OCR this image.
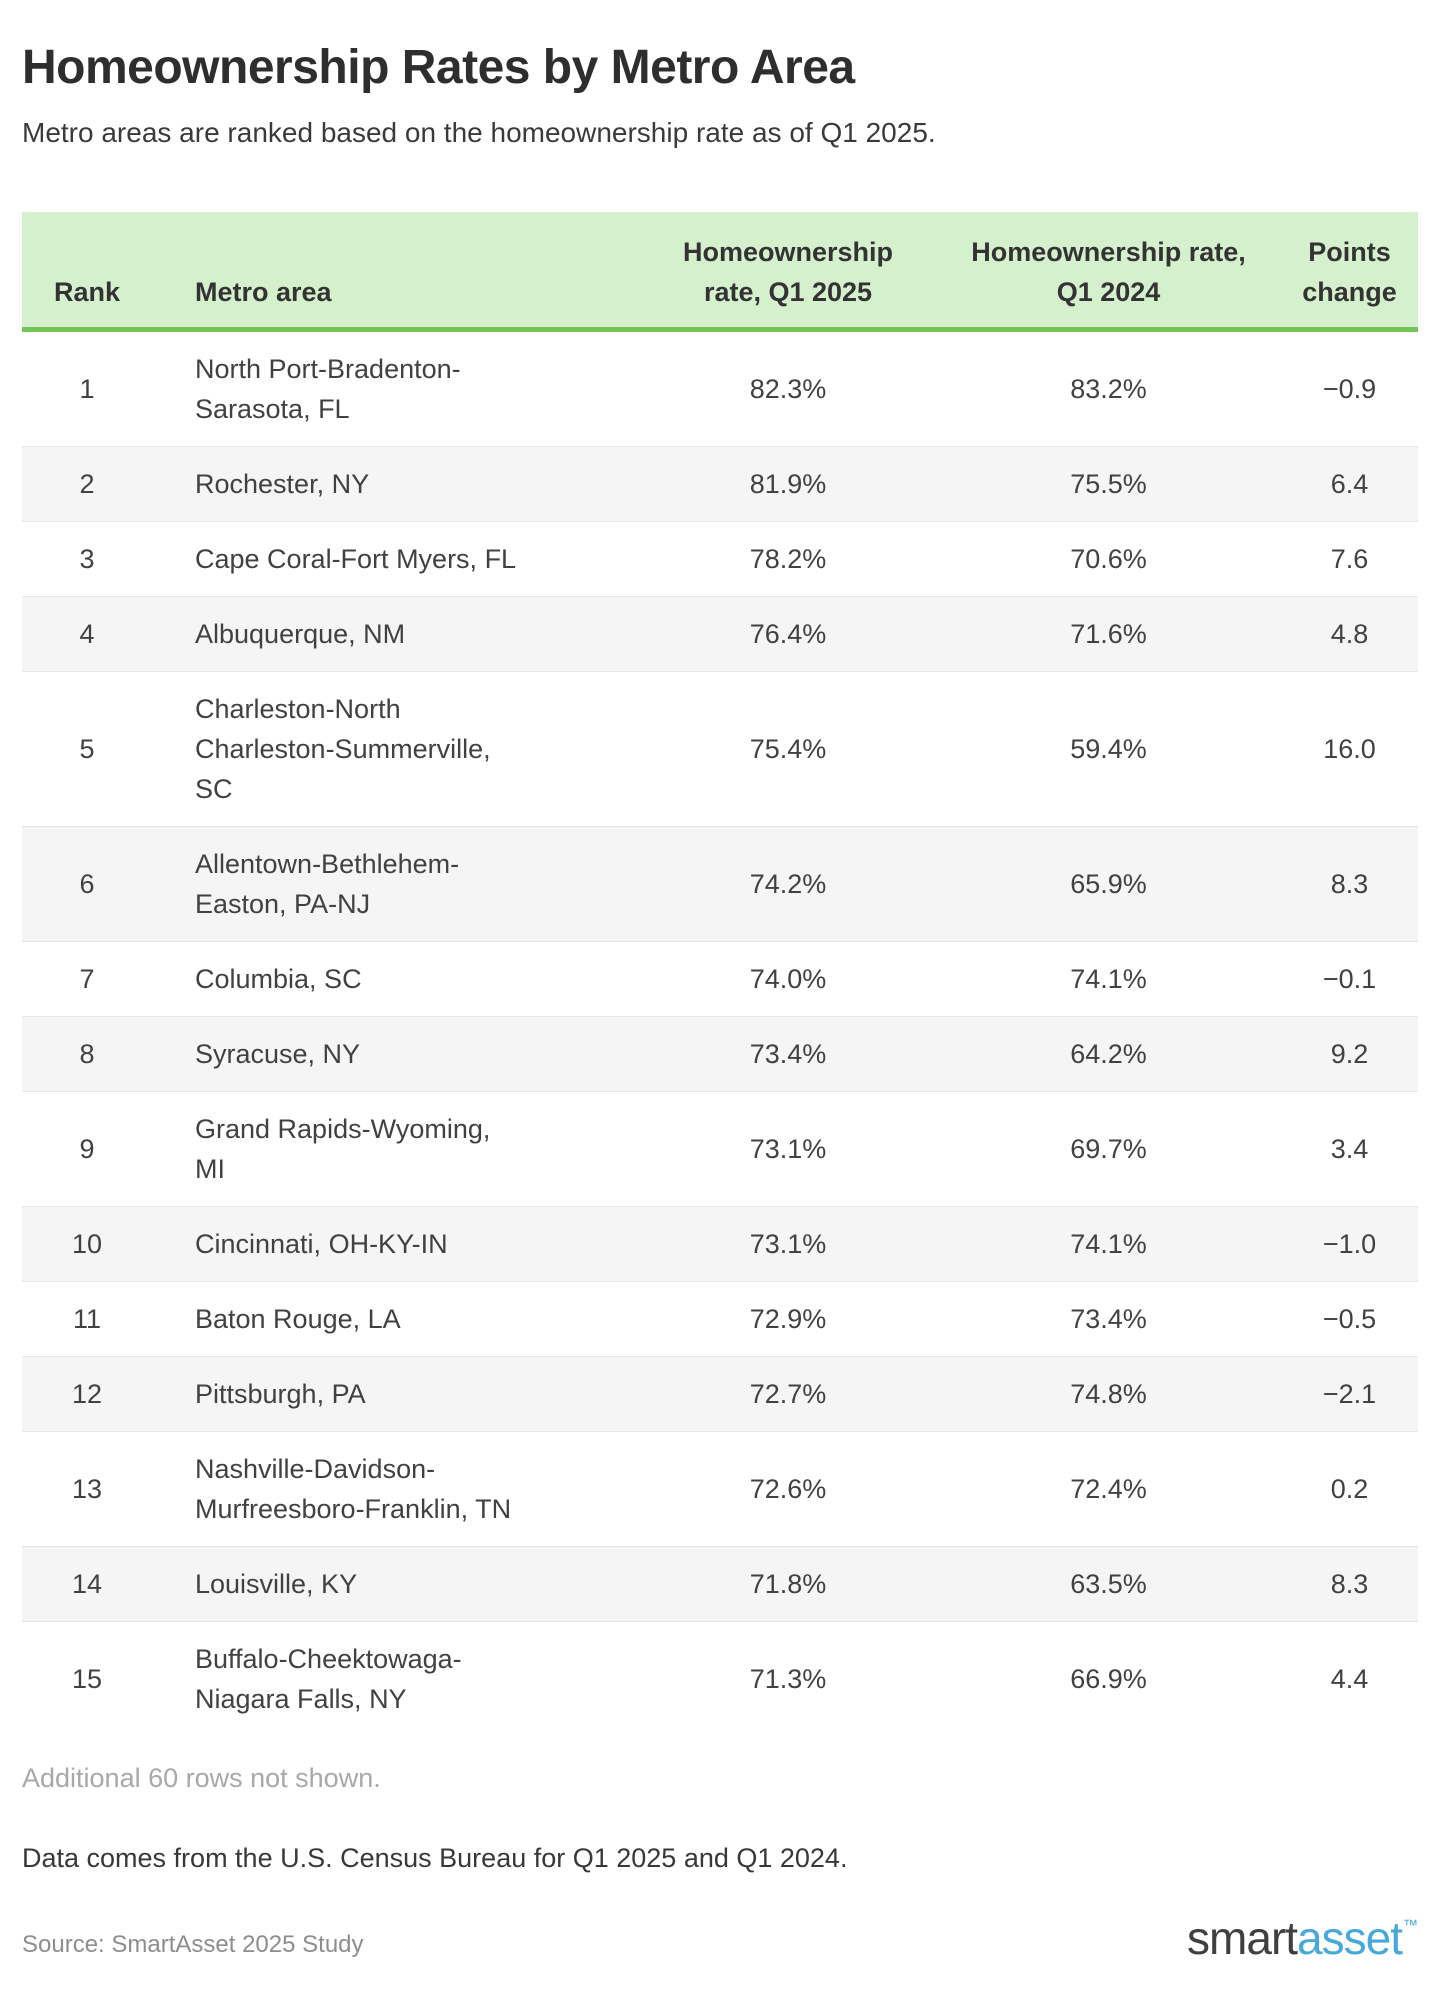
Homeownership Rates by Metro Area

Metro areas are ranked based on the homeownership rate as of Q1 2025.

Rank	Metro area	Homeownership rate, Q1 2025	Homeownership rate, Q1 2024	Points change
1	North Port-Bradenton-Sarasota, FL	82.3%	83.2%	−0.9
2	Rochester, NY	81.9%	75.5%	6.4
3	Cape Coral-Fort Myers, FL	78.2%	70.6%	7.6
4	Albuquerque, NM	76.4%	71.6%	4.8
5	Charleston-North Charleston-Summerville, SC	75.4%	59.4%	16.0
6	Allentown-Bethlehem-Easton, PA-NJ	74.2%	65.9%	8.3
7	Columbia, SC	74.0%	74.1%	−0.1
8	Syracuse, NY	73.4%	64.2%	9.2
9	Grand Rapids-Wyoming, MI	73.1%	69.7%	3.4
10	Cincinnati, OH-KY-IN	73.1%	74.1%	−1.0
11	Baton Rouge, LA	72.9%	73.4%	−0.5
12	Pittsburgh, PA	72.7%	74.8%	−2.1
13	Nashville-Davidson-Murfreesboro-Franklin, TN	72.6%	72.4%	0.2
14	Louisville, KY	71.8%	63.5%	8.3
15	Buffalo-Cheektowaga-Niagara Falls, NY	71.3%	66.9%	4.4

Additional 60 rows not shown.

Data comes from the U.S. Census Bureau for Q1 2025 and Q1 2024.

Source: SmartAsset 2025 Study	smartasset™
